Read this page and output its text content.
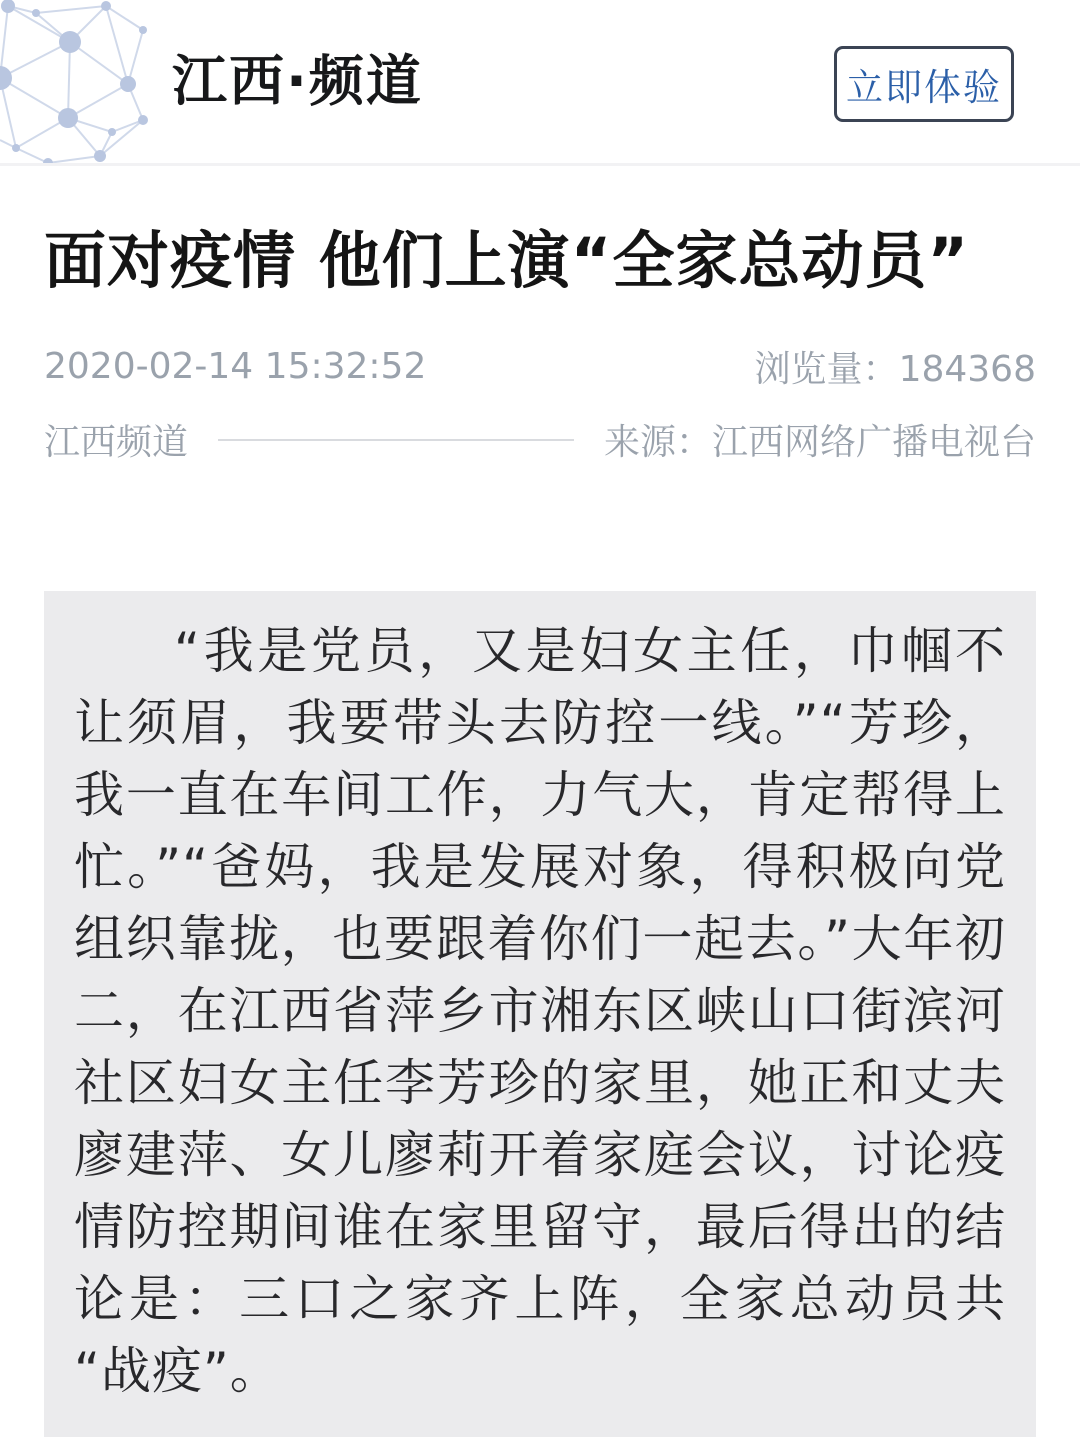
江西·频道	立即体验
面对疫情 他们上演“全家总动员”
2020-02-14 15:32:52	浏览量：184368
江西频道	来源：江西网络广播电视台

“我是党员，又是妇女主任，巾帼不让须眉，我要带头去防控一线。”“芳珍，我一直在车间工作，力气大，肯定帮得上忙。”“爸妈，我是发展对象，得积极向党组织靠拢，也要跟着你们一起去。”大年初二，在江西省萍乡市湘东区峡山口街滨河社区妇女主任李芳珍的家里，她正和丈夫廖建萍、女儿廖莉开着家庭会议，讨论疫情防控期间谁在家里留守，最后得出的结论是：三口之家齐上阵，全家总动员共“战疫”。
